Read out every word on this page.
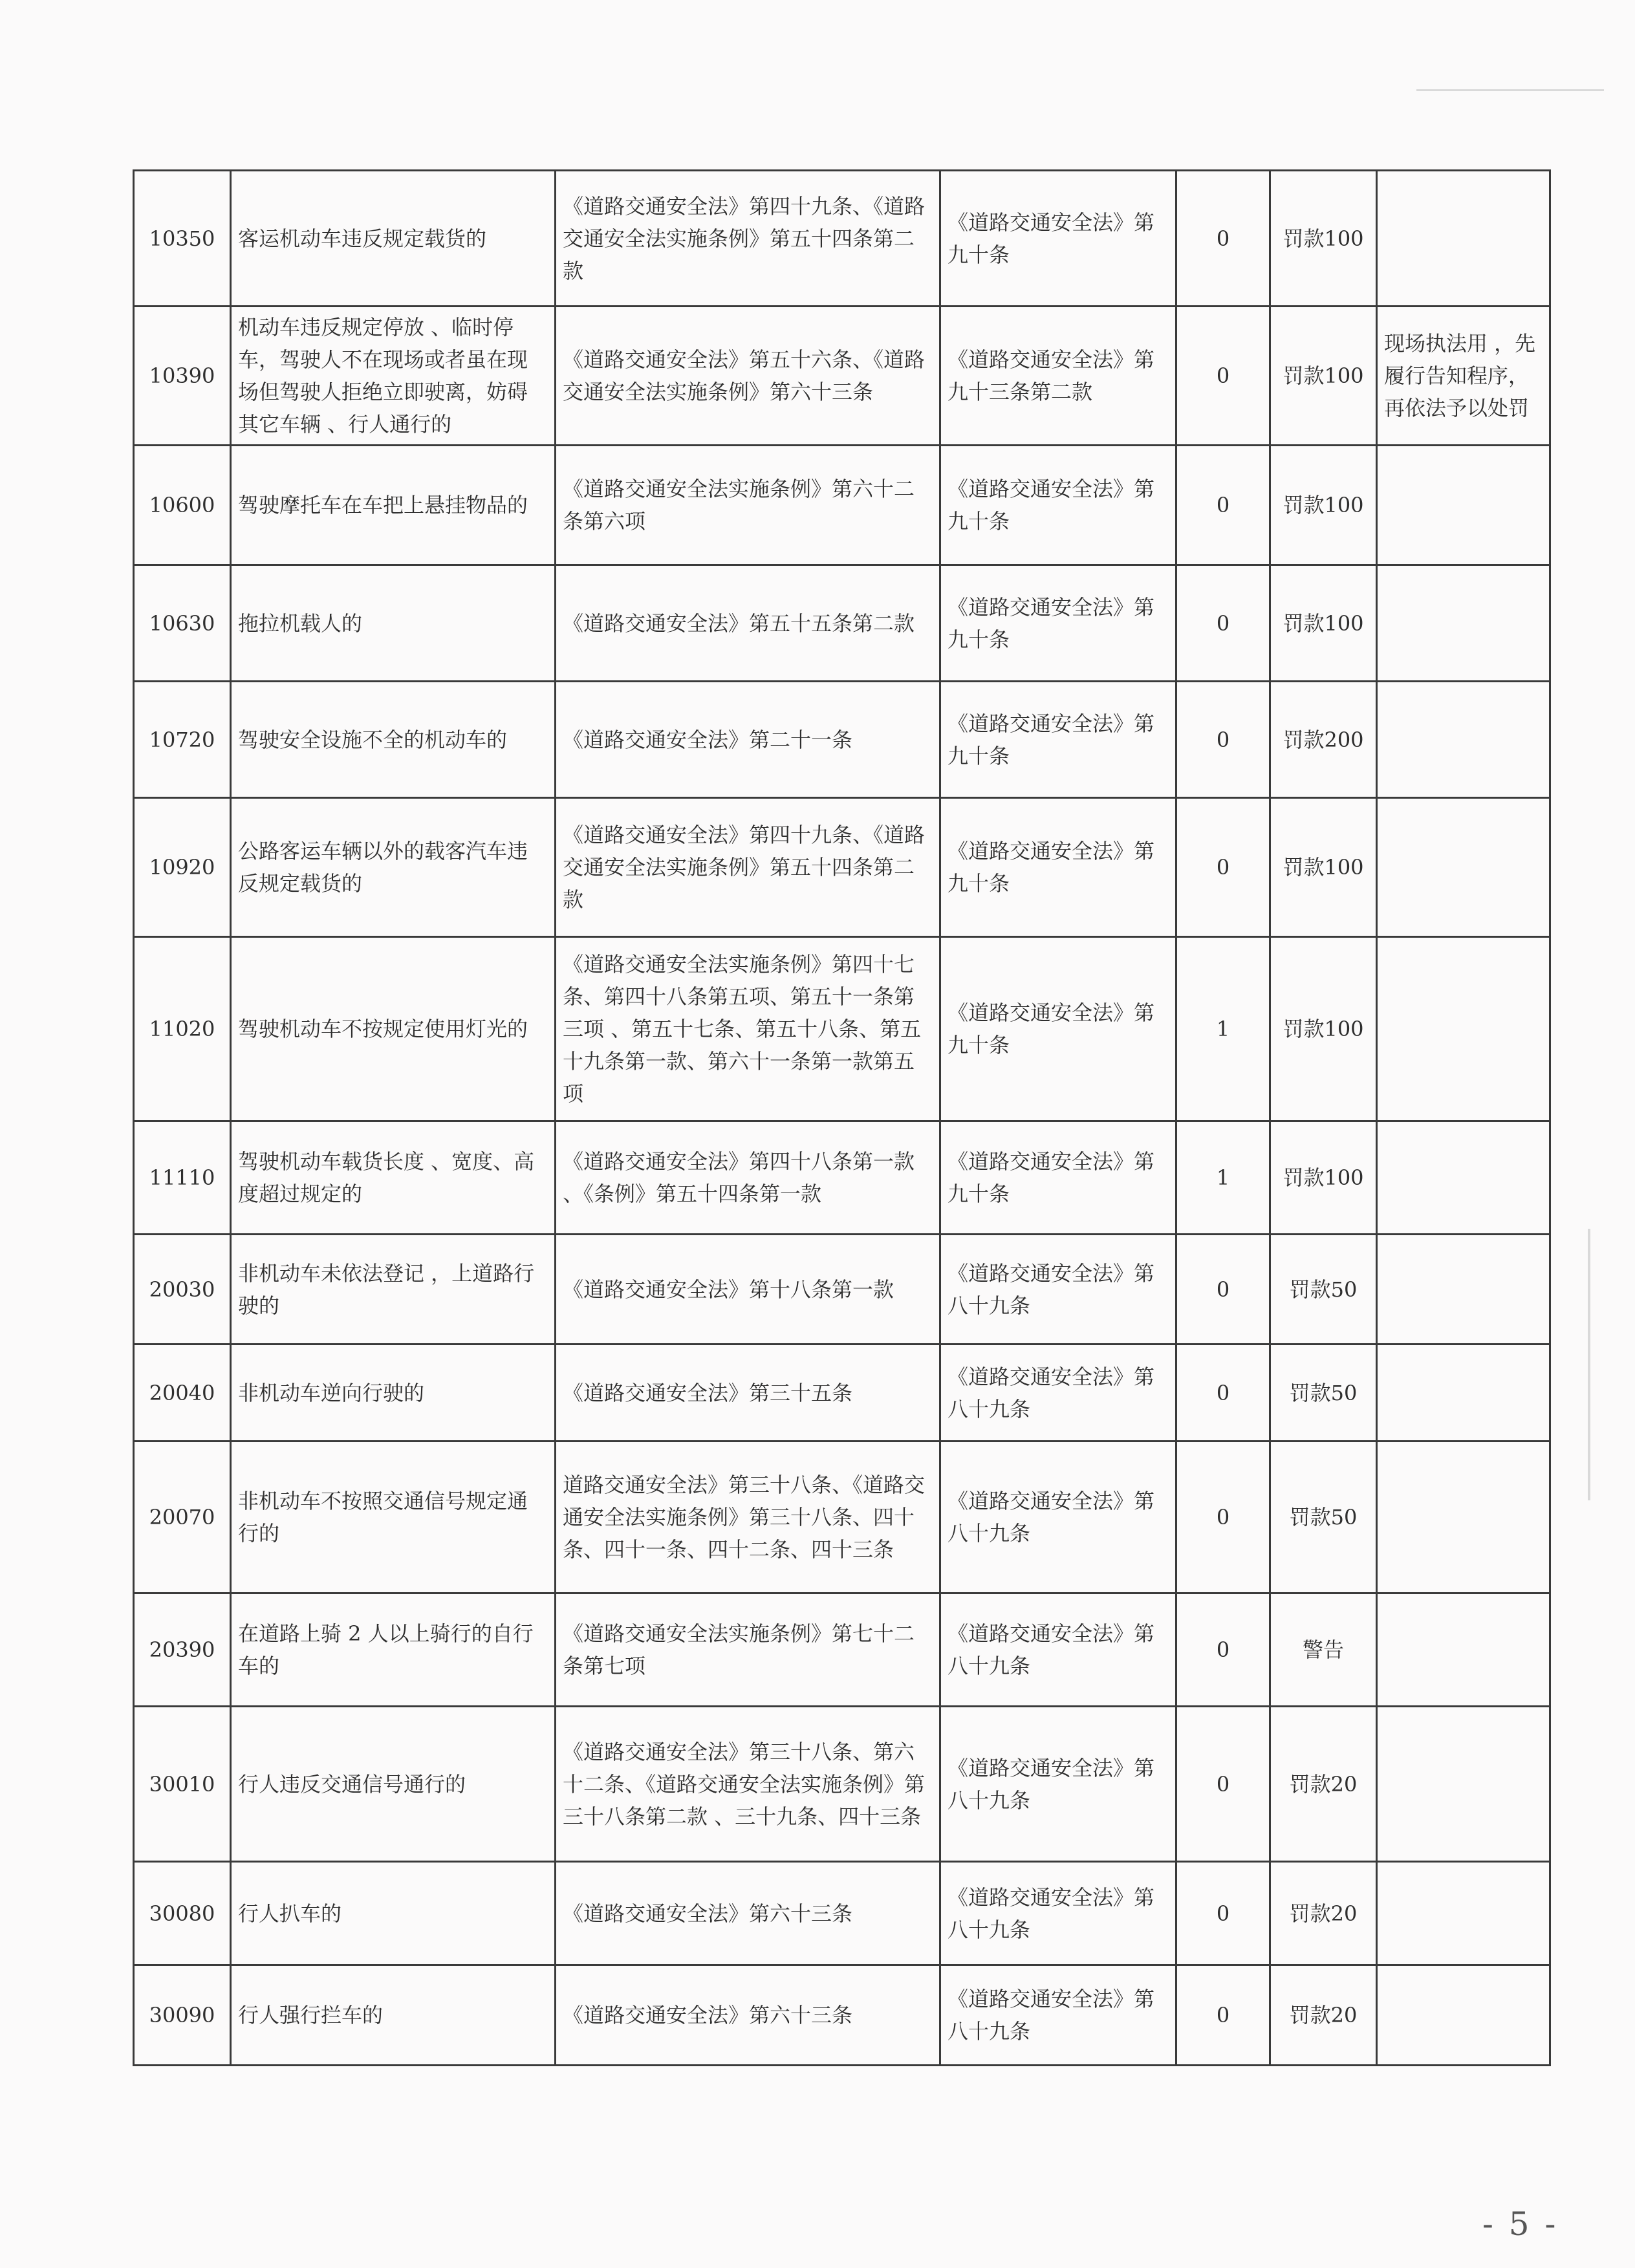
10350	客运机动车违反规定载货的	《道路交通安全法》第四十九条、《道路交通安全法实施条例》第五十四条第二款	《道路交通安全法》第九十条	0	罚款100	
10390	机动车违反规定停放 、临时停车，驾驶人不在现场或者虽在现场但驾驶人拒绝立即驶离，妨碍其它车辆 、行人通行的	《道路交通安全法》第五十六条、《道路交通安全法实施条例》第六十三条	《道路交通安全法》第九十三条第二款	0	罚款100	现场执法用 ，先履行告知程序，再依法予以处罚
10600	驾驶摩托车在车把上悬挂物品的	《道路交通安全法实施条例》第六十二条第六项	《道路交通安全法》第九十条	0	罚款100	
10630	拖拉机载人的	《道路交通安全法》第五十五条第二款	《道路交通安全法》第九十条	0	罚款100	
10720	驾驶安全设施不全的机动车的	《道路交通安全法》第二十一条	《道路交通安全法》第九十条	0	罚款200	
10920	公路客运车辆以外的载客汽车违反规定载货的	《道路交通安全法》第四十九条、《道路交通安全法实施条例》第五十四条第二款	《道路交通安全法》第九十条	0	罚款100	
11020	驾驶机动车不按规定使用灯光的	《道路交通安全法实施条例》第四十七条、第四十八条第五项、第五十一条第三项 、第五十七条、第五十八条、第五十九条第一款、第六十一条第一款第五项	《道路交通安全法》第九十条	1	罚款100	
11110	驾驶机动车载货长度 、宽度、高度超过规定的	《道路交通安全法》第四十八条第一款 、《条例》第五十四条第一款	《道路交通安全法》第九十条	1	罚款100	
20030	非机动车未依法登记 ，上道路行驶的	《道路交通安全法》第十八条第一款	《道路交通安全法》第八十九条	0	罚款50	
20040	非机动车逆向行驶的	《道路交通安全法》第三十五条	《道路交通安全法》第八十九条	0	罚款50	
20070	非机动车不按照交通信号规定通行的	道路交通安全法》第三十八条、《道路交通安全法实施条例》第三十八条、四十条、四十一条、四十二条、四十三条	《道路交通安全法》第八十九条	0	罚款50	
20390	在道路上骑 2 人以上骑行的自行车的	《道路交通安全法实施条例》第七十二条第七项	《道路交通安全法》第八十九条	0	警告	
30010	行人违反交通信号通行的	《道路交通安全法》第三十八条、第六十二条、《道路交通安全法实施条例》第三十八条第二款 、三十九条、四十三条	《道路交通安全法》第八十九条	0	罚款20	
30080	行人扒车的	《道路交通安全法》第六十三条	《道路交通安全法》第八十九条	0	罚款20	
30090	行人强行拦车的	《道路交通安全法》第六十三条	《道路交通安全法》第八十九条	0	罚款20	
- 5 -
